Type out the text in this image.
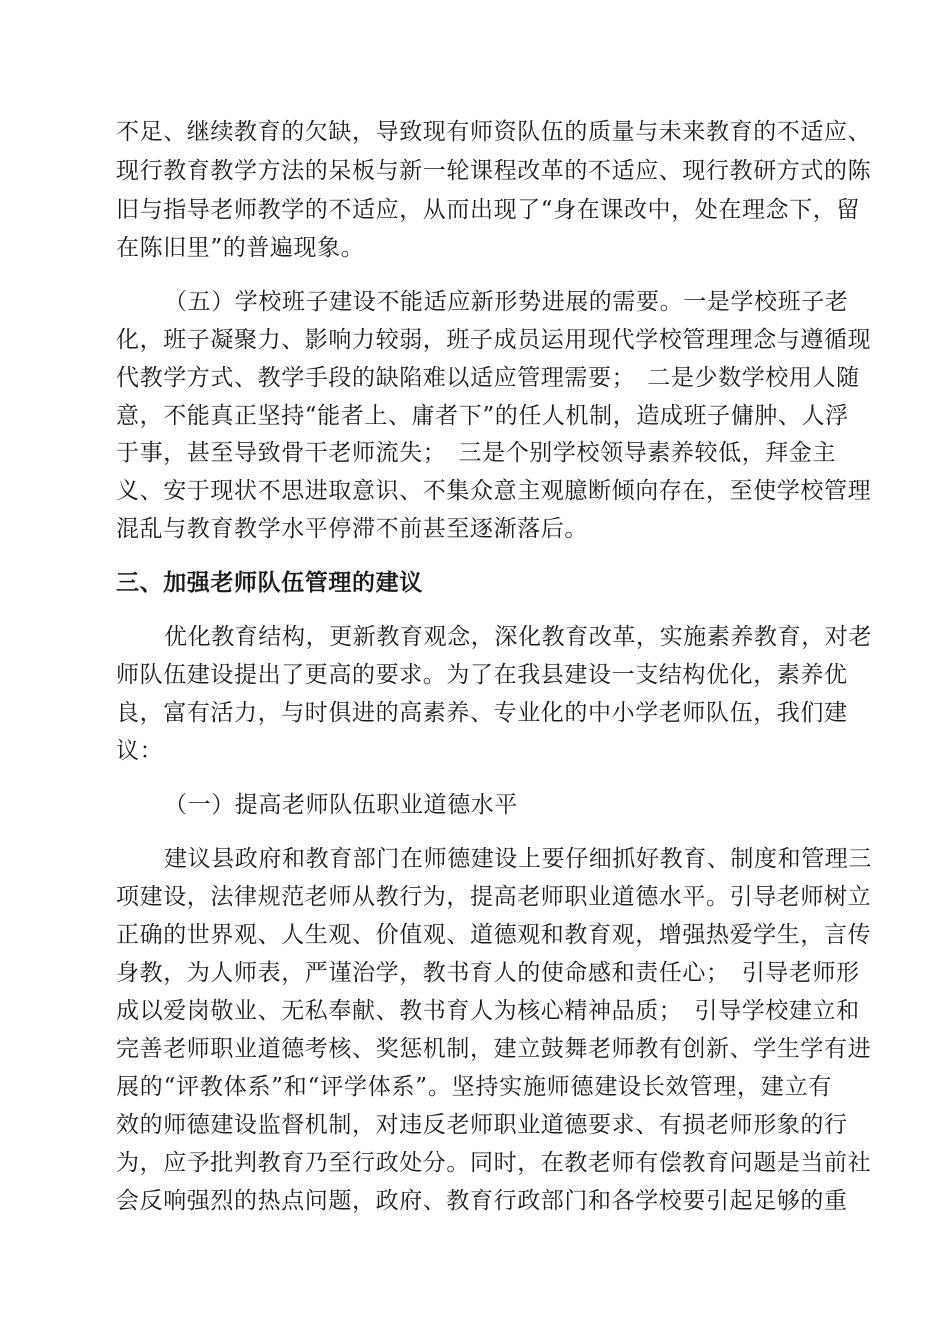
不足、继续教育的欠缺，导致现有师资队伍的质量与未来教育的不适应、
现行教育教学方法的呆板与新一轮课程改革的不适应、现行教研方式的陈
旧与指导老师教学的不适应，从而出现了“身在课改中，处在理念下，留
在陈旧里”的普遍现象。
（五）学校班子建设不能适应新形势进展的需要。一是学校班子老
化，班子凝聚力、影响力较弱，班子成员运用现代学校管理理念与遵循现
代教学方式、教学手段的缺陷难以适应管理需要；　二是少数学校用人随
意，不能真正坚持“能者上、庸者下”的任人机制，造成班子傭肿、人浮
于事，甚至导致骨干老师流失；　三是个别学校领导素养较低，拜金主
义、安于现状不思进取意识、不集众意主观臆断倾向存在，至使学校管理
混乱与教育教学水平停滞不前甚至逐渐落后。
三、加强老师队伍管理的建议
优化教育结构，更新教育观念，深化教育改革，实施素养教育，对老
师队伍建设提出了更高的要求。为了在我县建设一支结构优化，素养优
良，富有活力，与时俱进的高素养、专业化的中小学老师队伍，我们建
议：
（一）提高老师队伍职业道德水平
建议县政府和教育部门在师德建设上要仔细抓好教育、制度和管理三
项建设，法律规范老师从教行为，提高老师职业道德水平。引导老师树立
正确的世界观、人生观、价值观、道德观和教育观，增强热爱学生，言传
身教，为人师表，严谨治学，教书育人的使命感和责任心；　引导老师形
成以爱岗敬业、无私奉献、教书育人为核心精神品质；　引导学校建立和
完善老师职业道德考核、奖惩机制，建立鼓舞老师教有创新、学生学有进
展的“评教体系”和“评学体系”。坚持实施师德建设长效管理，建立有
效的师德建设监督机制，对违反老师职业道德要求、有损老师形象的行
为，应予批判教育乃至行政处分。同时，在教老师有偿教育问题是当前社
会反响强烈的热点问题，政府、教育行政部门和各学校要引起足够的重
